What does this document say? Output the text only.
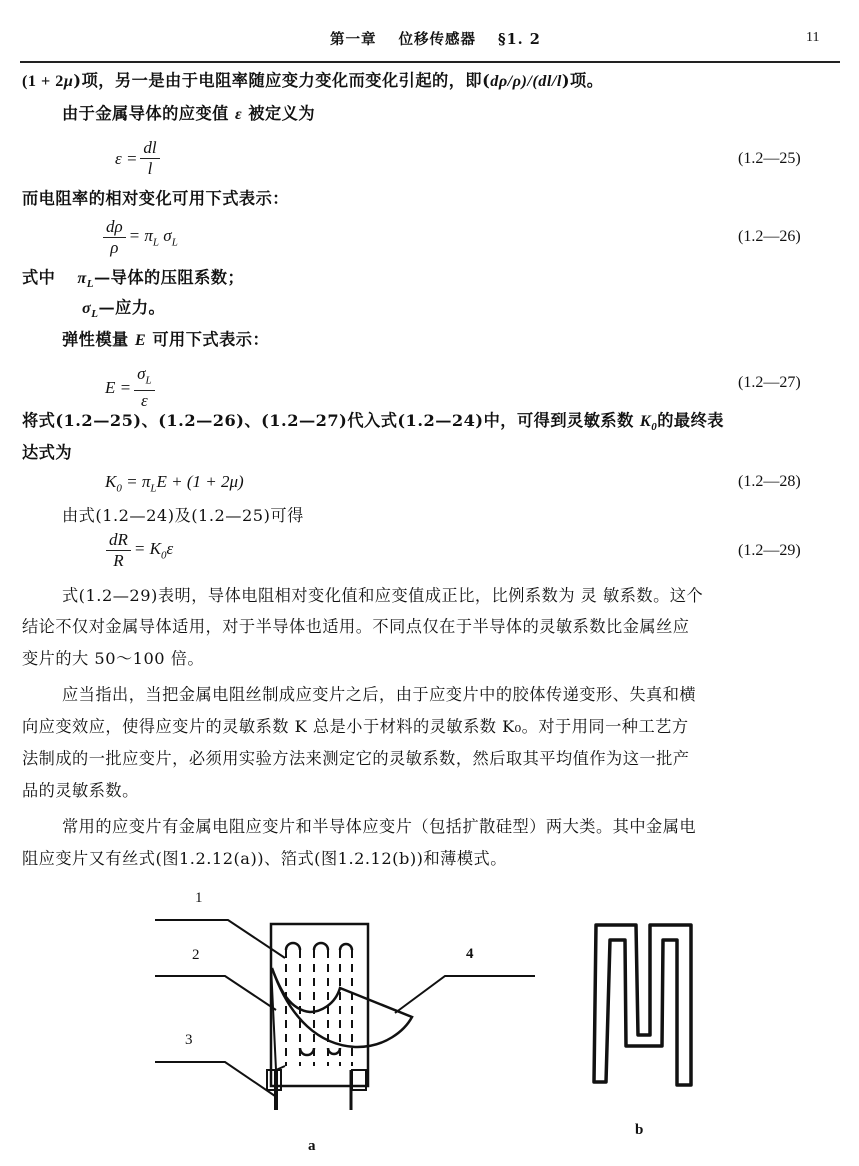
第一章 位移传感器 §1. 2	11
(1 + 2μ)项，另一是由于电阻率随应变力变化而变化引起的，即(dρ/ρ)/(dl/l)项。
由于金属导体的应变值 ε 被定义为
$\varepsilon = \frac{dl}{l}$	(1.2—25)
而电阻率的相对变化可用下式表示：
$\frac{d\rho}{\rho} = \pi_L$ $\sigma_L$	(1.2—26)
式中 $\pi_L—$导体的压阻系数；
$\sigma_L—$应力。
弹性模量 E 可用下式表示：
$E = \frac{\sigma_L}{\varepsilon}$	(1.2—27)
将式(1.2—25)、(1.2—26)、(1.2—27)代入式(1.2—24)中，可得到灵敏系数 $K_0$的最终表
达式为
$K_0 = \pi_LE + (1 + 2\mu)$	(1.2—28)
由式(1.2—24)及(1.2—25)可得
$\frac{dR}{R} = K_0\varepsilon$	(1.2—29)
式(1.2—29)表明，导体电阻相对变化值和应变值成正比，比例系数为 灵 敏系数。这个
结论不仅对金属导体适用，对于半导体也适用。不同点仅在于半导体的灵敏系数比金属丝应
变片的大 50～100 倍。
应当指出，当把金属电阻丝制成应变片之后，由于应变片中的胶体传递变形、失真和横
向应变效应，使得应变片的灵敏系数 K 总是小于材料的灵敏系数 K₀。对于用同一种工艺方
法制成的一批应变片，必须用实验方法来测定它的灵敏系数，然后取其平均值作为这一批产
品的灵敏系数。
常用的应变片有金属电阻应变片和半导体应变片（包括扩散硅型）两大类。其中金属电
阻应变片又有丝式(图1.2.12(a))、箔式(图1.2.12(b))和薄模式。
1
2
3
4
a
b
